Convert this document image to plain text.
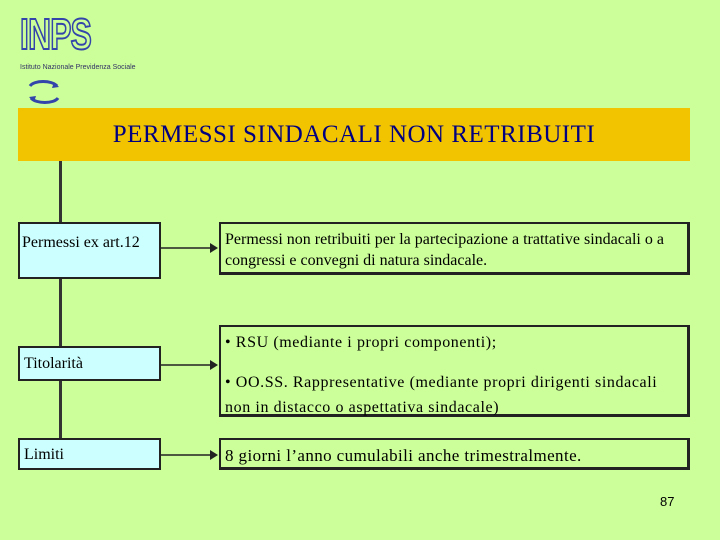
INPS
Istituto Nazionale Previdenza Sociale
PERMESSI SINDACALI NON RETRIBUITI
Permessi ex art.12	Permessi non retribuiti per la partecipazione a trattative sindacali o a congressi e convegni di natura sindacale.
Titolarità
• RSU (mediante i propri componenti);
• OO.SS. Rappresentative (mediante propri dirigenti sindacali non in distacco o aspettativa sindacale)
Limiti	8 giorni l’anno cumulabili anche trimestralmente.
87
